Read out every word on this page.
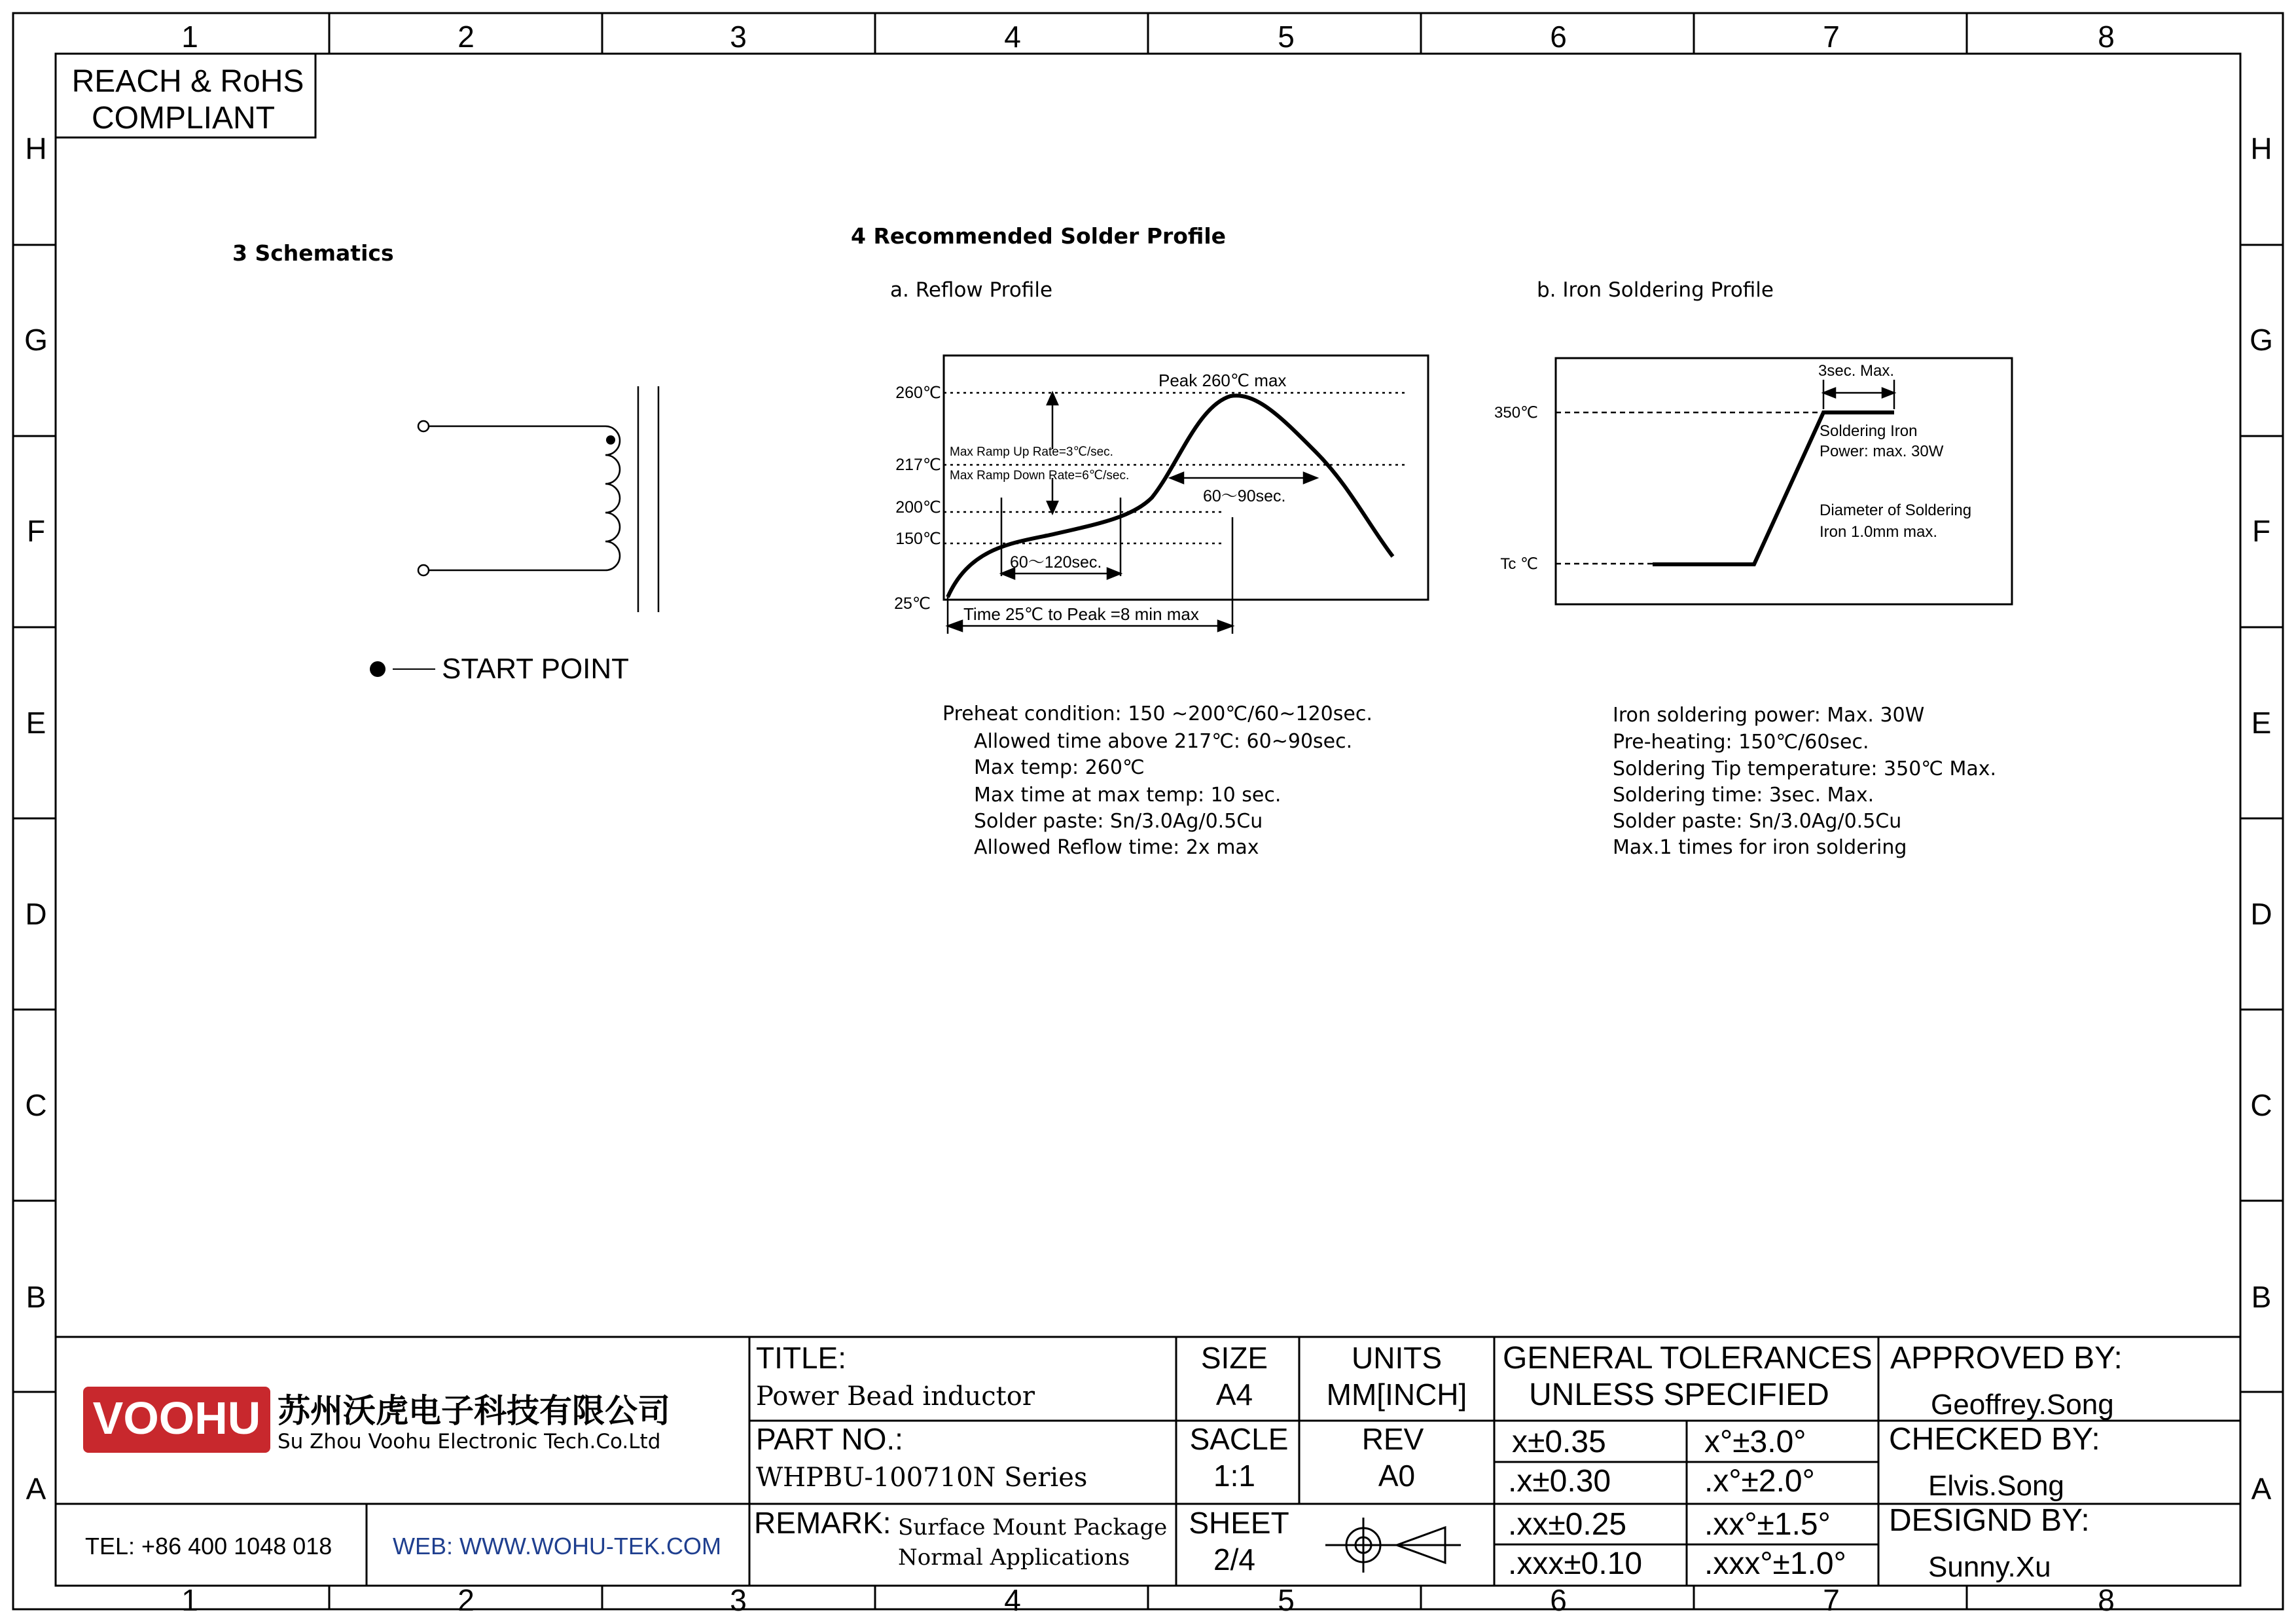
1	2	3	4	5	6	7	8
1	2	3	4	5	6	7	8
H
G
F
E
D
C
B
A
H
G
F
E
D
C
B
A
REACH & RoHS
COMPLIANT
3 Schematics
START POINT
4 Recommended Solder Profile
a. Reflow Profile	b. Iron Soldering Profile
260℃
217℃
200℃
150℃
25℃
Peak 260℃ max
Max Ramp Up Rate=3℃/sec.
Max Ramp Down Rate=6℃/sec.
60～90sec.
60～120sec.
Time 25℃ to Peak =8 min max
350℃
Tc ℃
3sec. Max.
Soldering Iron
Power: max. 30W
Diameter of Soldering
Iron 1.0mm max.
Preheat condition: 150 ~200℃/60~120sec.
Allowed time above 217℃: 60~90sec.
Max temp: 260℃
Max time at max temp: 10 sec.
Solder paste: Sn/3.0Ag/0.5Cu
Allowed Reflow time: 2x max
Iron soldering power: Max. 30W
Pre-heating: 150℃/60sec.
Soldering Tip temperature: 350℃ Max.
Soldering time: 3sec. Max.
Solder paste: Sn/3.0Ag/0.5Cu
Max.1 times for iron soldering
VOOHU 苏州沃虎电子科技有限公司
Su Zhou Voohu Electronic Tech.Co.Ltd
TEL: +86 400 1048 018	WEB: WWW.WOHU-TEK.COM
TITLE:
Power Bead inductor
PART NO.:
WHPBU-100710N Series
REMARK: Surface Mount Package
Normal Applications
SIZE
A4
UNITS
MM[INCH]
SACLE
1:1
REV
A0
SHEET
2/4
GENERAL TOLERANCES
UNLESS SPECIFIED
x±0.35	x°±3.0°
.x±0.30	.x°±2.0°
.xx±0.25 .xx°±1.5°
.xxx±0.10 .xxx°±1.0°
APPROVED BY:
Geoffrey.Song
CHECKED BY:
Elvis.Song
DESIGND BY:
Sunny.Xu
